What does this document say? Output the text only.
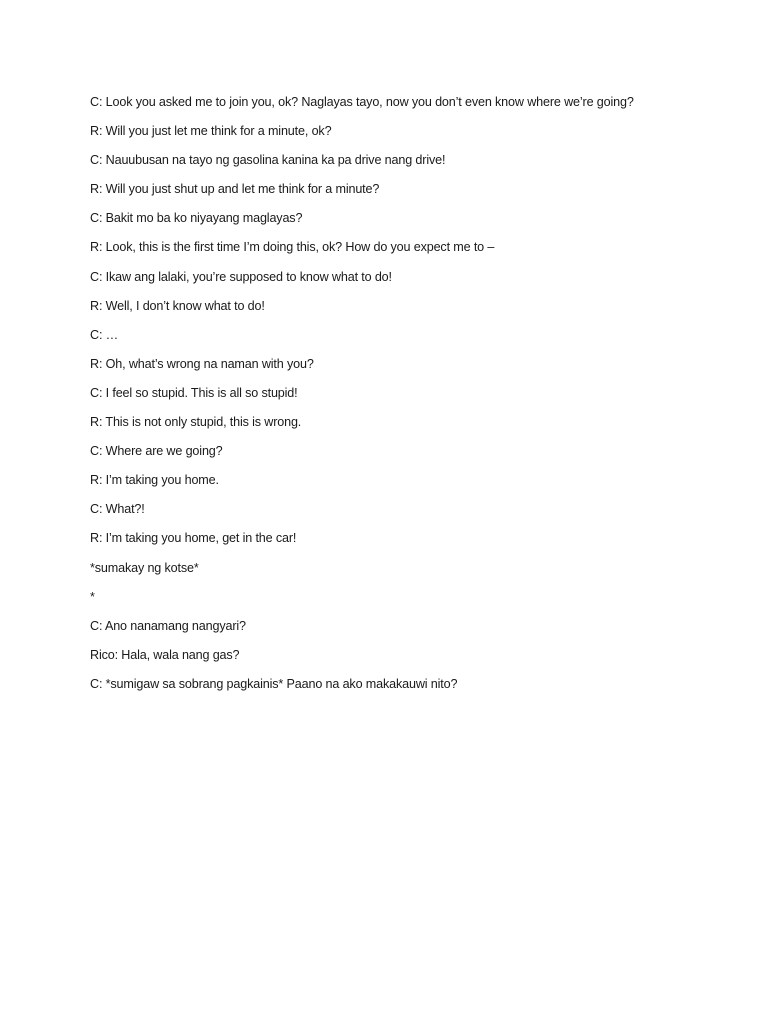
C: Look you asked me to join you, ok? Naglayas tayo, now you don’t even know where we’re going?
R: Will you just let me think for a minute, ok?
C: Nauubusan na tayo ng gasolina kanina ka pa drive nang drive!
R: Will you just shut up and let me think for a minute?
C: Bakit mo ba ko niyayang maglayas?
R: Look, this is the first time I’m doing this, ok? How do you expect me to –
C: Ikaw ang lalaki, you’re supposed to know what to do!
R: Well, I don’t know what to do!
C: …
R: Oh, what’s wrong na naman with you?
C: I feel so stupid. This is all so stupid!
R: This is not only stupid, this is wrong.
C: Where are we going?
R: I’m taking you home.
C: What?!
R: I’m taking you home, get in the car!
*sumakay ng kotse*
*
C: Ano nanamang nangyari?
Rico: Hala, wala nang gas?
C: *sumigaw sa sobrang pagkainis* Paano na ako makakauwi nito?
